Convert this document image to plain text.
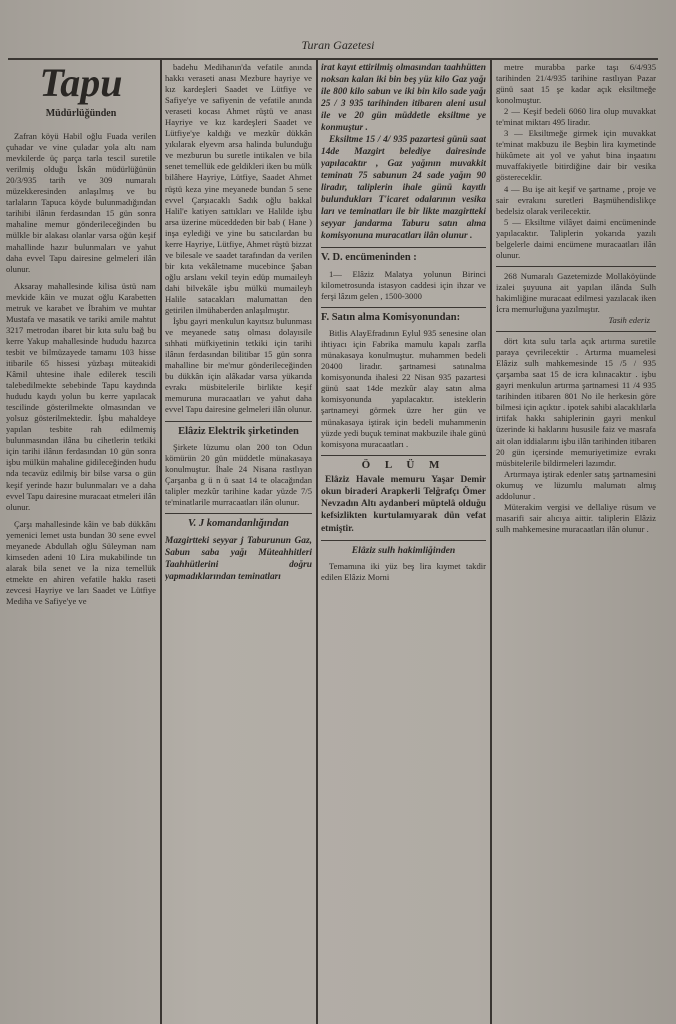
Turan Gazetesi
Tapu
Müdürlüğünden

Zafran köyü Habil oğlu Fuada verilen çuhadar ve vine çuladar yola altı nam mevkilerde üç parça tarla tescil suretile verilmiş olduğu İskân müdürlüğünün 20/3/935 tarih ve 309 numaralı müzekkeresinden anlaşılmış ve bu tarlaların Tapuca köyde bulunmadığından tarihibi ilânın ferdasından 15 gün sonra mahaline memur gönderileceğinden bu mülkle bir alakası olanlar varsa oğün keşif mahallinde hazır bulunmaları ve yahut daha evvel Tapu dairesine gelmeleri ilân olunur.

Aksaray mahallesinde kilisa üstü nam mevkide kâin ve muzat oğlu Karabetten metruk ve karabet ve İbrahim ve muhtar Mustafa ve masatik ve tariki amile mahtut 3217 metrodan ibaret bir kıta sulu bağ bu kerre Yakup mahallesinde hududu hazırca tesbit ve bilmüzayede tamamı 103 hisse itibarile 65 hissesi yüzbaşı müteakidi Kâmil uhtesine ihale edilerek tescili talebedilmekte sebebinde Tapu kaydında hududu kaydı yolun bu kerre yapılacak tescilinde gösterilmekte olmasından ve yolsuz gösterilmektedir. İşbu mahaldeye yapılan tesbite rah edilmemiş bulunmasından ilâna bu cihetlerin tetkiki için tarihi ilânın ferdasından 10 gün sonra işbu mülkün mahaline gidileceğinden hudu nda tecavüz edilmiş bir bilse varsa o gün keşif yerinde hazır bulunmaları ve a daha evvel Tapu dairesine muracaat etmeleri ilân olunur.

Çarşı mahallesinde kâin ve bab dükkânı yemenici lemet usta bundan 30 sene evvel meyanede Abdullah oğlu Süleyman nam kimseden adeni 10 Lira mukabilinde tın alarak bila senet ve la niza temellük etmekte en ahiren vefatile hakkı raseti zevcesi Hayriye ve ları Saadet ve Lütfiye Mediha ve Safiye'ye ve

badehu Medihanın'da vefatile anında hakkı veraseti anası Mezbure hayriye ve kız kardeşleri Saadet ve Lütfiye ve Safiye'ye ve safiyenin de vefatile anında veraseti kocası Ahmet rüştü ve anası Hayriye ve kız kardeşleri Saadet ve Lütfiye'ye kaldığı ve mezkûr dükkân yıkılarak elyevm arsa halinda bulunduğu ve mezburun bu suretle intikalen ve bila senet temellük ede geldikleri iken bu mülk bilâhere Hayriye, Lütfiye, Saadet Ahmet rüştü keza yine meyanede bundan 5 sene evvel Çarşıacaklı Sadık oğlu bakkal Halil'e katiyen sattıkları ve Halilde işbu arsa üzerine müceddeden bir bab ( Hane ) inşa eylediği ve yine bu satıcılardan bu kerre Hayriye, Lütfiye, Ahmet rüştü bizzat ve bilesale ve saadet tarafından da verilen bir kıta vekâletname mucebince Şaban oğlu arslanı vekil teyin edüp mumaileyh dahi bilvekâle işbu mülkü mumaileyh Halile satacakları malumattan den getirilen ilmühaberden anlaşılmıştır.

İşbu gayri menkulun kayıtsız bulunması ve meyanede satış olması dolayısile sıhhati müfkiyetinin tetkiki için tarihi ilânın ferdasından bilitibar 15 gün sonra mahalline bir me'mur gönderileceğinden bu dükkân için alâkadar varsa yükarıda evrakı müsbitelerile birlikte keşif memuruna muracaatları ve yahut daha evvel Tapu dairesine gelmeleri ilân olunur.

Elâziz Elektrik şirketinden

Şirkete lüzumu olan 200 ton Odun kömürün 20 gün müddetle münakasaya konulmuştur. İhale 24 Nisana rastlıyan Çarşanba g ü n ü saat 14 te olacağından talipler mezkûr tarihine kadar yüzde 7/5 te'minatlarile murracaatları ilân olunur.

V. J komandanlığından

Mazgirtteki seyyar j Taburunun Gaz, Sabun saba yağı Müteahhitleri Taahhütlerini doğru yapmadıklarından teminatları

irat kayıt ettirilmiş olmasından taahhütten noksan kalan iki bin beş yüz kilo Gaz yağı ile 800 kilo sabun ve iki bin kilo sade yağı 25 / 3 935 tarihinden itibaren aleni usul ile ve 20 gün müddetle eksiltme ye konmuştur .

Eksiltme 15 / 4/ 935 pazartesi günü saat 14de Mazgirt belediye dairesinde yapılacaktır , Gaz yağının muvakkit teminatı 75 sabunun 24 sade yağın 90 liradır, taliplerin ihale günü kayıtlı bulundukları T'icaret odalarının vesika ları ve teminatları ile bir likte mazgirtteki seyyar jandarma Taburu satın alma komisyonuna muracatları ilân olunur .

V. D. encümeninden :

1— Elâziz Malatya yolunun Birinci kilometrosunda istasyon caddesi için ihzar ve ferşi lâzım gelen , 1500-3000

F. Satın alma Komisyonundan:

Bitlis AlayEfradının Eylul 935 senesine olan ihtiyacı için Fabrika mamulu kapalı zarfla münakasaya konulmuştur. muhammen bedeli 20400 liradır. şartnamesi satınalma komisyonunda ihalesi 22 Nisan 935 pazartesi günü saat 14de mezkûr alay satın alma komisyonunda yapılacaktır. isteklerin şartnameyi görmek üzre her gün ve münakasaya iştirak için bedeli muhammenin yüzde yedi buçuk teminat makbuzile ihale günü komisyona muracaatları .

Ö L Ü M

Elâziz Havale memuru Yaşar Demir okun biraderi Arapkerli Telğrafçı Ömer Nevzadın Altı aydanberi müptelâ olduğu kefsizlikten kurtulamıyarak dün vefat etmiştir.

Elâziz sulh hakimliğinden

Temamına iki yüz beş lira kıymet takdir edilen Elâziz Morni

metre murabba parke taşı 6/4/935 tarihinden 21/4/935 tarihine rastlıyan Pazar günü saat 15 şe kadar açık eksiltmeğe konolmuştur.

2 — Keşif bedeli 6060 lira olup muvakkat te'minat miktarı 495 liradır.

3 — Eksiltmeğe girmek için muvakkat te'minat makbuzu ile Beşbin lira kıymetinde hükûmete ait yol ve yahut bina inşaatını muvaffakiyetle bitirdiğine dair bir vesika göstereceklir.

4 — Bu işe ait keşif ve şartname , proje ve sair evrakını suretleri Başmühendislikçe bedelsiz olarak verilecektir.

5 — Eksiltme vilâyet daimi encümeninde yapılacaktır. Taliplerin yokarıda yazılı belgelerle daimi encümene muracaatları ilân olunur.

268 Numaralı Gazetemizde Mollaköyünde izalei şuyuuna ait yapılan ilânda Sulh hakimliğine muracaat edilmesi yazılacak iken İcra memurluğuna yazılmıştır.

Tasih ederiz

dört kıta sulu tarla açık artırma suretile paraya çevrilecektir . Artırma muamelesi Elâziz sulh mahkemesinde 15 /5 / 935 çarşamba saat 15 de icra kılınacaktır . işbu gayri menkulun artırma şartnamesi 11 /4 935 tarihinden itibaren 801 No ile herkesin göre bilmesi için açıktır . ipotek sahibi alacaklılarla irtifak hakkı sahiplerinin gayri menkul üzerinde ki haklarını hususile faiz ve masrafa ait olan iddialarını işbu ilân tarihinden itibaren 20 gün içersinde memuriyetimize evrakı müsbitelerile bildirmeleri lazımdır.

Artırmaya iştirak edenler satış şartnamesini okumuş ve lüzumlu malumatı almış addolunur .

Müterakim vergisi ve dellaliye rüsum ve masarifi sair alıcıya aittir. taliplerin Elâziz sulh mahkemesine muracaatları ilân olunur .
